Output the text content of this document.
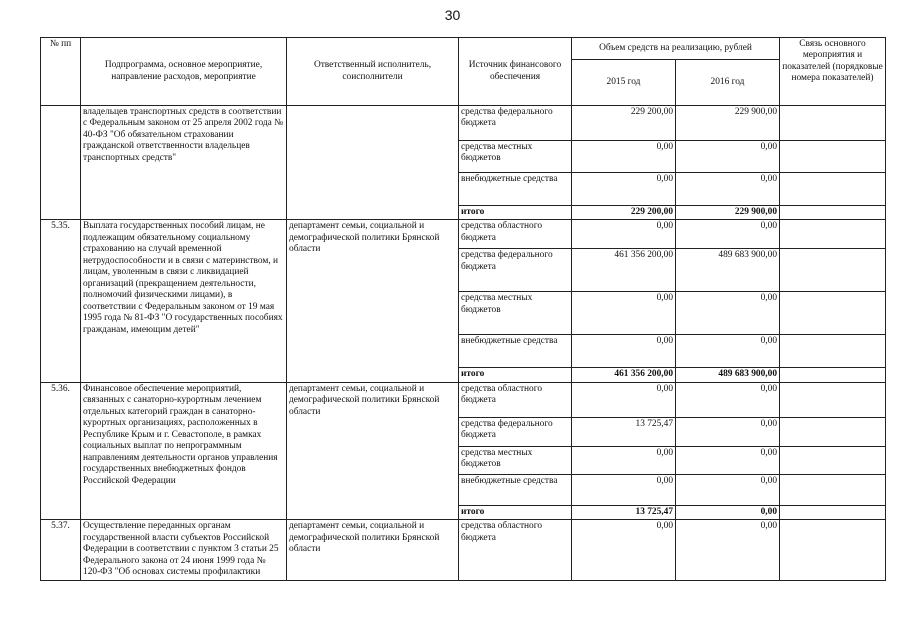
30
№ пп	Подпрограмма, основное мероприятие, направление расходов, мероприятие	Ответственный исполнитель, соисполнители	Источник финансового обеспечения	Объем средств на реализацию, рублей		Связь основного мероприятия и показателей (порядковые номера показателей)
				2015 год	2016 год	
	владельцев транспортных средств в соответствии с Федеральным законом от 25 апреля 2002 года № 40-ФЗ "Об обязательном страховании гражданской ответственности владельцев транспортных средств"		средства федерального бюджета	229 200,00	229 900,00	
			средства местных бюджетов	0,00	0,00	
			внебюджетные средства	0,00	0,00	
			итого	229 200,00	229 900,00	
5.35.	Выплата государственных пособий лицам, не подлежащим обязательному социальному страхованию на случай временной нетрудоспособности и в связи с материнством, и лицам, уволенным в связи с ликвидацией организаций (прекращением деятельности, полномочий физическими лицами), в соответствии с Федеральным законом от 19 мая 1995 года № 81-ФЗ "О государственных пособиях гражданам, имеющим детей"	департамент семьи, социальной и демографической политики Брянской области	средства областного бюджета	0,00	0,00	
			средства федерального бюджета	461 356 200,00	489 683 900,00	
			средства местных бюджетов	0,00	0,00	
			внебюджетные средства	0,00	0,00	
			итого	461 356 200,00	489 683 900,00	
5.36.	Финансовое обеспечение мероприятий, связанных с санаторно-курортным лечением отдельных категорий граждан в санаторно-курортных организациях, расположенных в Республике Крым и г. Севастополе, в рамках социальных выплат по непрограммным направлениям деятельности органов управления государственных внебюджетных фондов Российской Федерации	департамент семьи, социальной и демографической политики Брянской области	средства областного бюджета	0,00	0,00	
			средства федерального бюджета	13 725,47	0,00	
			средства местных бюджетов	0,00	0,00	
			внебюджетные средства	0,00	0,00	
			итого	13 725,47	0,00	
5.37.	Осуществление переданных органам государственной власти субъектов Российской Федерации в соответствии с пунктом 3 статьи 25 Федерального закона от 24 июня 1999 года № 120-ФЗ "Об основах системы профилактики	департамент семьи, социальной и демографической политики Брянской области	средства областного бюджета	0,00	0,00	
